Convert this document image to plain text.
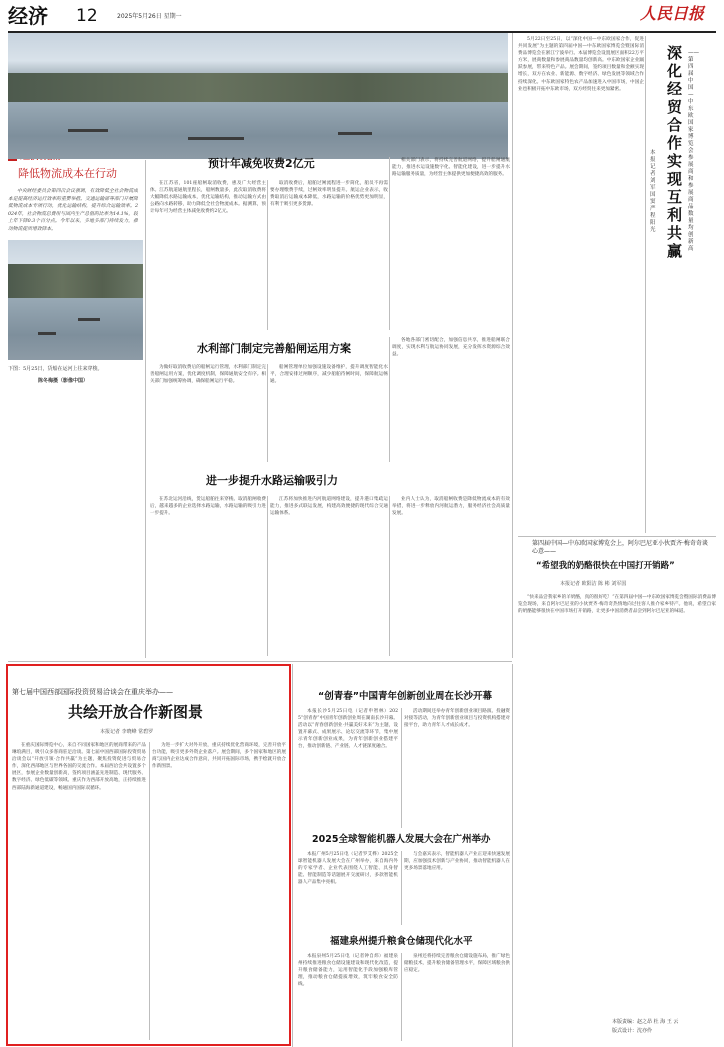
经济 12	2025年5月26日 星期一	人民日报
降低物流成本在行动

中央财经委员会第四次会议强调，有效降低全社会物流成本是提高经济运行效率的重要举措。交通运输部等部门开展降低物流成本专项行动，优化运输结构，提升综合运输效率。2024年，社会物流总费用与国内生产总值的比率为14.1%，较上年下降0.3个百分点。今年以来，多地多部门持续发力，推动物流提质增效降本。

下图：5月25日，货船在运河上往来穿梭。
陈冬梅摄（影像中国）
预计年减免收费2亿元

在江苏省，101座船闸取消收费，惠及广大经营主体。江苏航道通航里程长，船闸数量多，此次取消收费将大幅降低水路运输成本，优化运输结构，推动运输方式由公路向水路转移，助力降低全社会物流成本。据测算，预计每年可为经营主体减免收费约2亿元。

取消收费后，船舶过闸流程进一步简化，船员不再需要办理缴费手续，过闸效率明显提升。航运企业表示，收费取消后运输成本降低，水路运输的价格优势更加明显，有利于吸引更多货源。

相关部门表示，将持续完善航道网络，提升船闸通航能力，推进水运设施数字化、智能化建设，进一步提升水路运输服务质量，为经营主体提供更加便捷高效的服务。

水利部门制定完善船闸运用方案

为做好取消收费后的船闸运行管理，水利部门制定完善船闸运用方案，优化调度机制，保障通航安全有序。相关部门加强统筹协调，确保船闸运行平稳。

船闸管理单位加强设施设备维护，提升调度智能化水平，合理安排过闸顺序，减少船舶待闸时间，保障航运畅通。

各地各部门密切配合，加强信息共享，推进船闸联合调度，实现水利与航运协同发展，充分发挥水资源综合效益。

进一步提升水路运输吸引力

在苏北运河沿线，货运船舶往来穿梭。取消船闸收费后，越来越多的企业选择水路运输，水路运输的吸引力进一步提升。

江苏将加快推进内河航道网络建设，提升港口集疏运能力，推进多式联运发展，构建高效便捷的现代综合交通运输体系。

业内人士认为，取消船闸收费是降低物流成本的有效举措，将进一步释放内河航运潜力，服务经济社会高质量发展。

深化经贸合作 实现互利共赢
——第四届中国—中东欧国家博览会参展商和参展商品数量均创新高
本报记者 刘军国 窦 严 程 阳光

5月22日至25日，以“深化中国—中东欧国家合作，促进共同发展”为主题的第四届中国—中东欧国家博览会暨国际消费品博览会在浙江宁波举行。本届博览会设置展区面积22万平方米，展商数量和参展商品数量均创新高。中东欧国家企业踊跃参展，带来特色产品。展会期间，签约项目数量和金额实现增长，双方在农业、新能源、数字经济、绿色发展等领域合作持续深化。中东欧国家特色农产品加速进入中国市场，中国企业也积极开拓中东欧市场，双方经贸往来更加紧密。

第四届中国—中东欧国家博览会上，阿尔巴尼亚小伙贾齐·梅奇奇谈心意——
“希望我的奶酪很快在中国打开销路”
本报记者 欧阳洁 陈 彬 刘军国

“快来品尝我家乡的羊奶酪，真的很好吃！”在第四届中国—中东欧国家博览会暨国际消费品博览会现场，来自阿尔巴尼亚的小伙贾齐·梅奇奇热情地向过往客人推介家乡特产。他说，希望自家的奶酪能够很快在中国市场打开销路，让更多中国消费者品尝到阿尔巴尼亚的味道。

本版责编：赵之昂 杜 海 王 云
版式设计：沈亦伶
第七届中国西部国际投资贸易洽谈会在重庆举办——
共绘开放合作新图景
本报记者 李晓峰 常碧罗

在重庆国际博览中心，来自不同国家和地区的展商带来的产品琳琅满目，吸引众多客商驻足洽谈。第七届中国西部国际投资贸易洽谈会以“开放引领·合作共赢”为主题，聚焦投资促进与贸易合作，深化西部地区与世界各国的交流合作。本届西洽会共设置多个展区，参展企业数量创新高，签约项目涵盖先进制造、现代服务、数字经济、绿色低碳等领域。重庆作为西部开放高地，正持续推进西部陆海新通道建设，畅通国内国际双循环。

为进一步扩大对外开放，重庆持续优化营商环境，完善开放平台功能，吸引更多外资企业落户。展会期间，多个国家和地区的展商与国内企业达成合作意向，共同开拓国际市场，携手绘就开放合作新图景。

“创青春”中国青年创新创业周在长沙开幕

本报长沙5月25日电（记者申智林）2025“创青春”中国青年创新创业周在湖南长沙开幕。活动以“青春创新创业·共赢美好未来”为主题，设置开幕式、成果展示、论坛交流等环节，集中展示青年创新创业成果，为青年创新创业搭建平台，推动创新链、产业链、人才链深度融合。

活动期间还举办青年创新创业项目路演、投融资对接等活动，为青年创新创业项目与投资机构搭建对接平台，助力青年人才成长成才。

2025全球智能机器人发展大会在广州举办

本报广州5月25日电（记者罗艾桦）2025全球智能机器人发展大会在广州举办，来自海内外的专家学者、企业代表围绕人工智能、具身智能、智能制造等话题展开交流研讨，多款智能机器人产品集中亮相。

与会嘉宾表示，智能机器人产业正迎来快速发展期，应加强技术创新与产业协同，推动智能机器人在更多场景落地应用。

福建泉州提升粮食仓储现代化水平

本报泉州5月25日电（记者钟自炜）福建泉州持续推进粮食仓储设施建设和现代化改造，提升粮食储备能力，运用智能化手段加强粮库管理，推动粮食仓储提质增效，筑牢粮食安全防线。

泉州还将持续完善粮食仓储设施布局，推广绿色储粮技术，提升粮食储备管理水平，保障区域粮食供应稳定。
